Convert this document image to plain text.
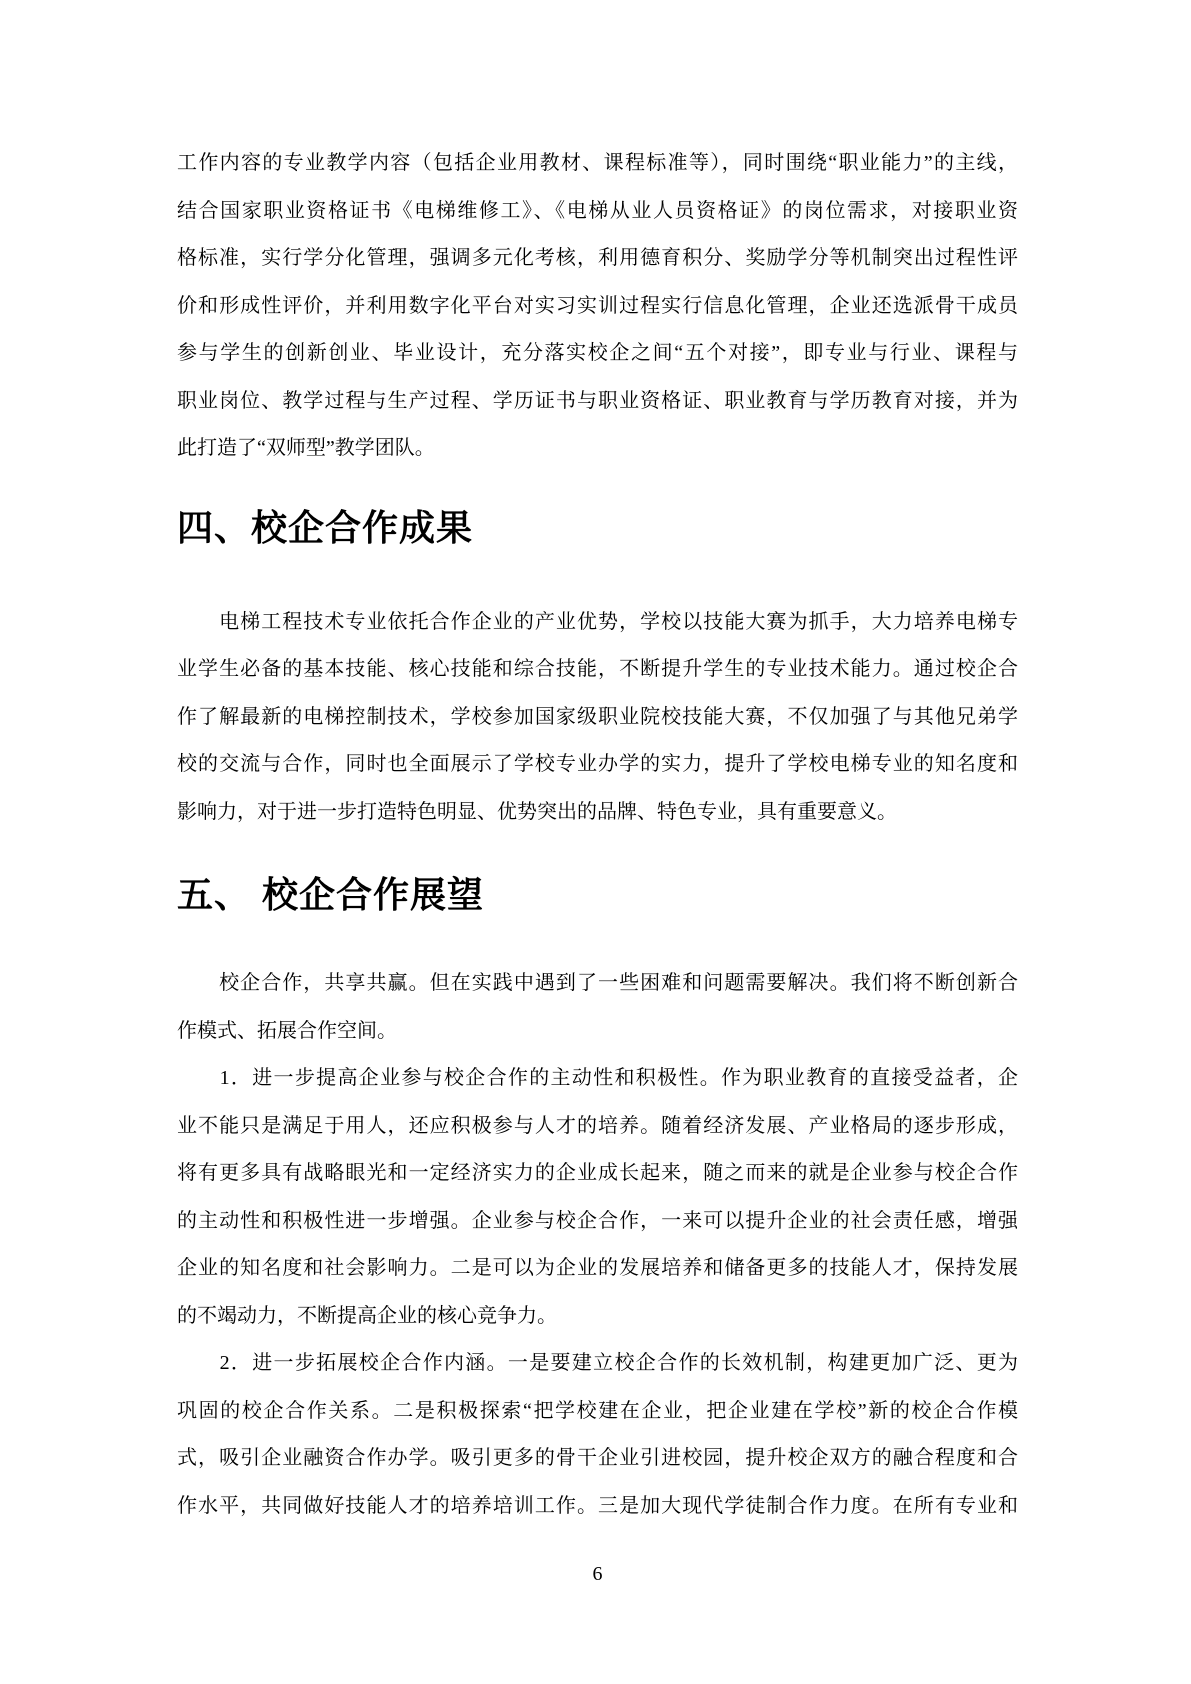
工作内容的专业教学内容（包括企业用教材、课程标准等），同时围绕“职业能力”的主线，
结合国家职业资格证书《电梯维修工》、《电梯从业人员资格证》的岗位需求，对接职业资
格标准，实行学分化管理，强调多元化考核，利用德育积分、奖励学分等机制突出过程性评
价和形成性评价，并利用数字化平台对实习实训过程实行信息化管理，企业还选派骨干成员
参与学生的创新创业、毕业设计，充分落实校企之间“五个对接”，即专业与行业、课程与
职业岗位、教学过程与生产过程、学历证书与职业资格证、职业教育与学历教育对接，并为
此打造了“双师型”教学团队。
四、校企合作成果
　　电梯工程技术专业依托合作企业的产业优势，学校以技能大赛为抓手，大力培养电梯专
业学生必备的基本技能、核心技能和综合技能，不断提升学生的专业技术能力。通过校企合
作了解最新的电梯控制技术，学校参加国家级职业院校技能大赛，不仅加强了与其他兄弟学
校的交流与合作，同时也全面展示了学校专业办学的实力，提升了学校电梯专业的知名度和
影响力，对于进一步打造特色明显、优势突出的品牌、特色专业，具有重要意义。
五、 校企合作展望
　　校企合作，共享共赢。但在实践中遇到了一些困难和问题需要解决。我们将不断创新合
作模式、拓展合作空间。
　　1．进一步提高企业参与校企合作的主动性和积极性。作为职业教育的直接受益者，企
业不能只是满足于用人，还应积极参与人才的培养。随着经济发展、产业格局的逐步形成，
将有更多具有战略眼光和一定经济实力的企业成长起来，随之而来的就是企业参与校企合作
的主动性和积极性进一步增强。企业参与校企合作，一来可以提升企业的社会责任感，增强
企业的知名度和社会影响力。二是可以为企业的发展培养和储备更多的技能人才，保持发展
的不竭动力，不断提高企业的核心竞争力。
　　2．进一步拓展校企合作内涵。一是要建立校企合作的长效机制，构建更加广泛、更为
巩固的校企合作关系。二是积极探索“把学校建在企业，把企业建在学校”新的校企合作模
式，吸引企业融资合作办学。吸引更多的骨干企业引进校园，提升校企双方的融合程度和合
作水平，共同做好技能人才的培养培训工作。三是加大现代学徒制合作力度。在所有专业和
6
